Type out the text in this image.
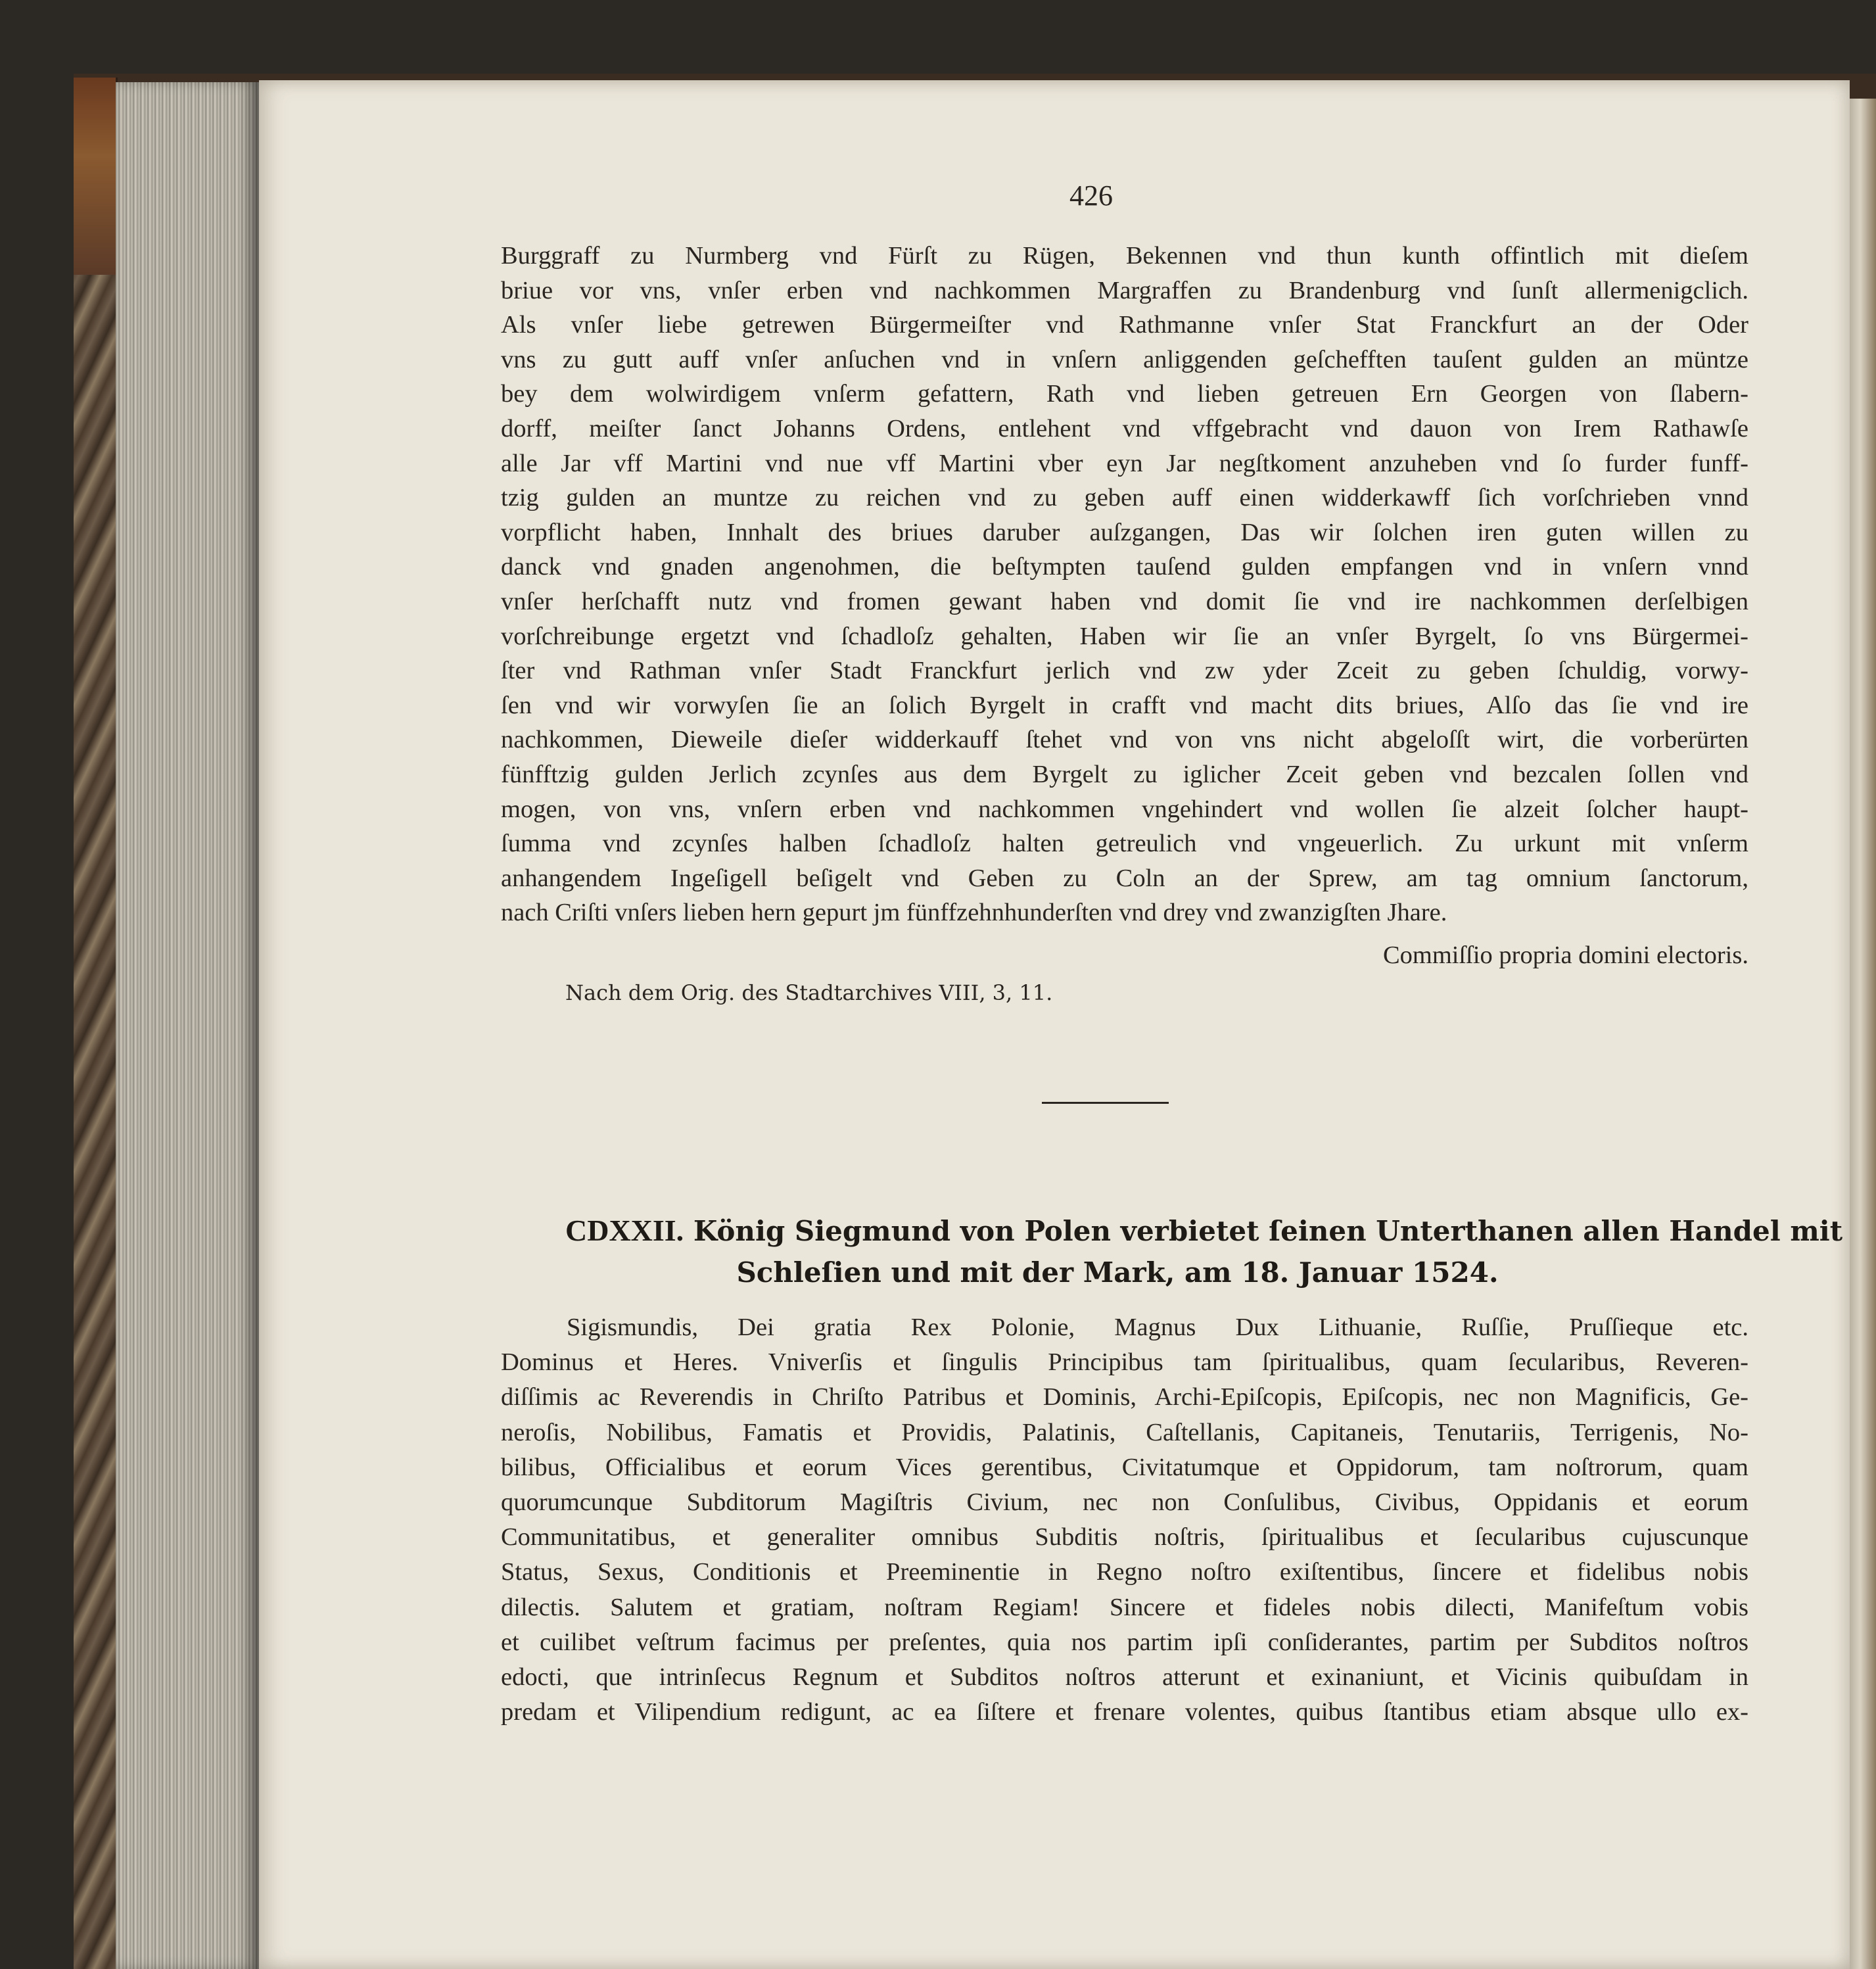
426
Burggraff zu Nurmberg vnd Fürſt zu Rügen, Bekennen vnd thun kunth offintlich mit dieſem
briue vor vns, vnſer erben vnd nachkommen Margraffen zu Brandenburg vnd ſunſt allermenigclich.
Als vnſer liebe getrewen Bürgermeiſter vnd Rathmanne vnſer Stat Franckfurt an der Oder
vns zu gutt auff vnſer anſuchen vnd in vnſern anliggenden geſchefften tauſent gulden an müntze
bey dem wolwirdigem vnſerm gefattern, Rath vnd lieben getreuen Ern Georgen von ſlabern-
dorff, meiſter ſanct Johanns Ordens, entlehent vnd vffgebracht vnd dauon von Irem Rathawſe
alle Jar vff Martini vnd nue vff Martini vber eyn Jar negſtkoment anzuheben vnd ſo furder funff-
tzig gulden an muntze zu reichen vnd zu geben auff einen widderkawff ſich vorſchrieben vnnd
vorpflicht haben, Innhalt des briues daruber auſzgangen, Das wir ſolchen iren guten willen zu
danck vnd gnaden angenohmen, die beſtympten tauſend gulden empfangen vnd in vnſern vnnd
vnſer herſchafft nutz vnd fromen gewant haben vnd domit ſie vnd ire nachkommen derſelbigen
vorſchreibunge ergetzt vnd ſchadloſz gehalten, Haben wir ſie an vnſer Byrgelt, ſo vns Bürgermei-
ſter vnd Rathman vnſer Stadt Franckfurt jerlich vnd zw yder Zceit zu geben ſchuldig, vorwy-
ſen vnd wir vorwyſen ſie an ſolich Byrgelt in crafft vnd macht dits briues, Alſo das ſie vnd ire
nachkommen, Dieweile dieſer widderkauff ſtehet vnd von vns nicht abgeloſſt wirt, die vorberürten
fünfftzig gulden Jerlich zcynſes aus dem Byrgelt zu iglicher Zceit geben vnd bezcalen ſollen vnd
mogen, von vns, vnſern erben vnd nachkommen vngehindert vnd wollen ſie alzeit ſolcher haupt-
ſumma vnd zcynſes halben ſchadloſz halten getreulich vnd vngeuerlich. Zu urkunt mit vnſerm
anhangendem Ingeſigell beſigelt vnd Geben zu Coln an der Sprew, am tag omnium ſanctorum,
nach Criſti vnſers lieben hern gepurt jm fünffzehnhunderſten vnd drey vnd zwanzigſten Jhare.
Commiſſio propria domini electoris.
Nach dem Orig. des Stadtarchives VIII, 3, 11.
CDXXII. König Siegmund von Polen verbietet ſeinen Unterthanen allen Handel mit
Schleſien und mit der Mark, am 18. Januar 1524.
Sigismundis, Dei gratia Rex Polonie, Magnus Dux Lithuanie, Ruſſie, Pruſſieque etc.
Dominus et Heres. Vniverſis et ſingulis Principibus tam ſpiritualibus, quam ſecularibus, Reveren-
diſſimis ac Reverendis in Chriſto Patribus et Dominis, Archi-Epiſcopis, Epiſcopis, nec non Magnificis, Ge-
neroſis, Nobilibus, Famatis et Providis, Palatinis, Caſtellanis, Capitaneis, Tenutariis, Terrigenis, No-
bilibus, Officialibus et eorum Vices gerentibus, Civitatumque et Oppidorum, tam noſtrorum, quam
quorumcunque Subditorum Magiſtris Civium, nec non Conſulibus, Civibus, Oppidanis et eorum
Communitatibus, et generaliter omnibus Subditis noſtris, ſpiritualibus et ſecularibus cujuscunque
Status, Sexus, Conditionis et Preeminentie in Regno noſtro exiſtentibus, ſincere et fidelibus nobis
dilectis. Salutem et gratiam, noſtram Regiam! Sincere et fideles nobis dilecti, Manifeſtum vobis
et cuilibet veſtrum facimus per preſentes, quia nos partim ipſi conſiderantes, partim per Subditos noſtros
edocti, que intrinſecus Regnum et Subditos noſtros atterunt et exinaniunt, et Vicinis quibuſdam in
predam et Vilipendium redigunt, ac ea ſiſtere et frenare volentes, quibus ſtantibus etiam absque ullo ex-
